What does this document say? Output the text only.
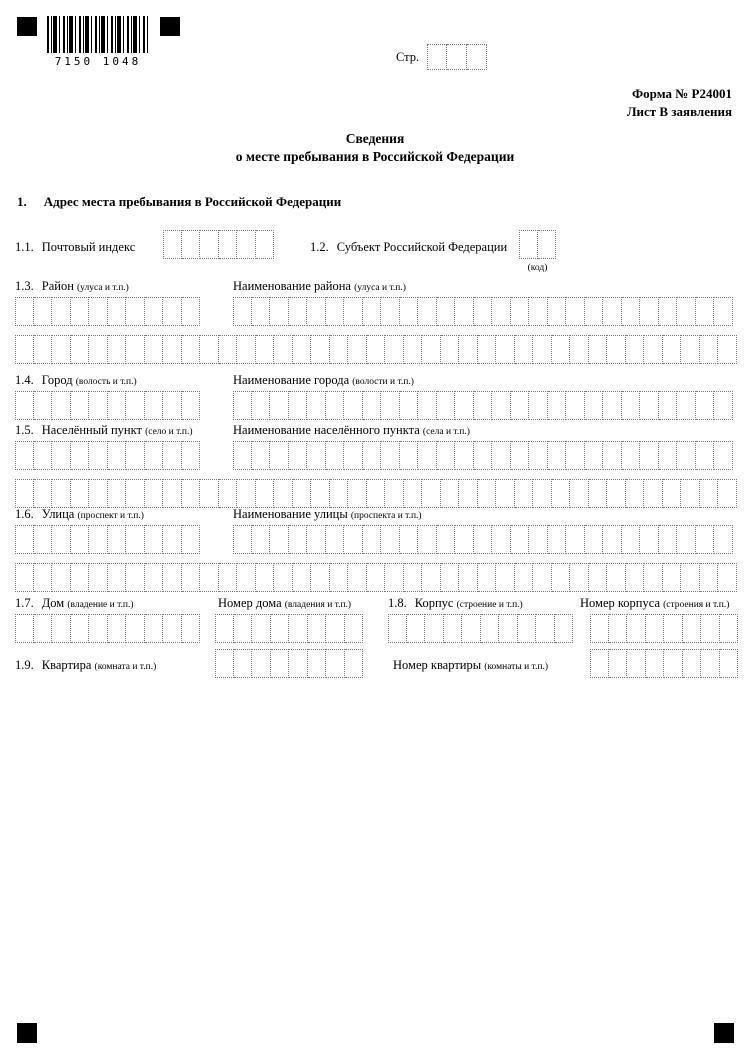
7150 1048	Стр.
Форма № Р24001
Лист В заявления
Сведения
о месте пребывания в Российской Федерации
1. Адрес места пребывания в Российской Федерации
1.1. Почтовый индекс	1.2. Субъект Российской Федерации
(код)
1.3. Район (улуса и т.п.)	Наименование района (улуса и т.п.)
1.4. Город (волость и т.п.)	Наименование города (волости и т.п.)
1.5. Населённый пункт (село и т.п.)	Наименование населённого пункта (села и т.п.)
1.6. Улица (проспект и т.п.)	Наименование улицы (проспекта и т.п.)
1.7. Дом (владение и т.п.)	Номер дома (владения и т.п.)	1.8. Корпус (строение и т.п.)	Номер корпуса (строения и т.п.)
1.9. Квартира (комната и т.п.)	Номер квартиры (комнаты и т.п.)
